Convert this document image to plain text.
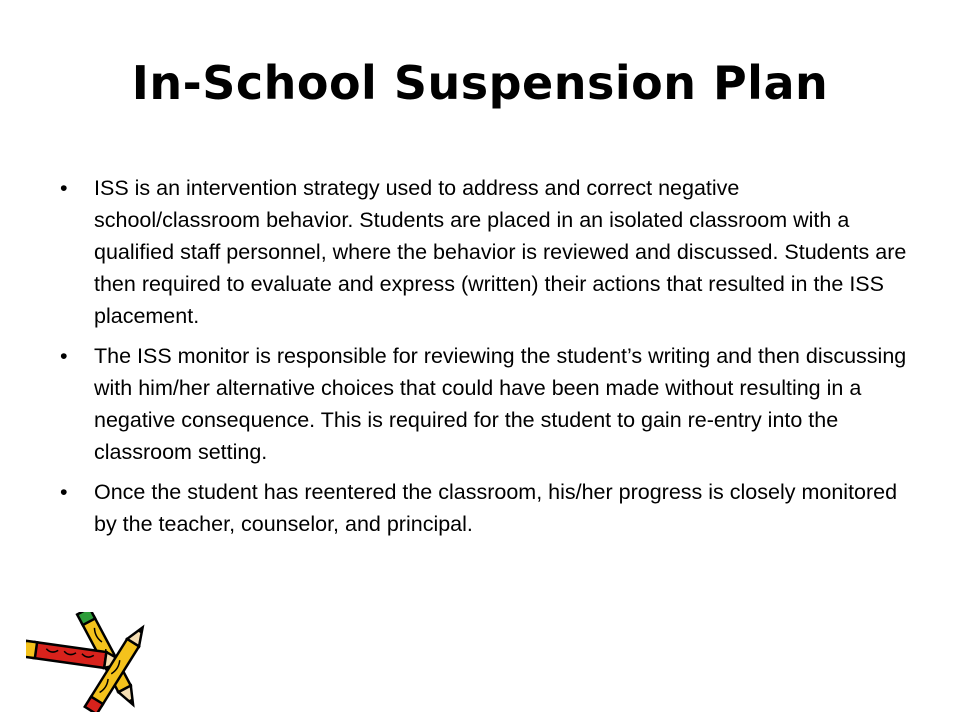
In-School Suspension Plan
• ISS is an intervention strategy used to address and correct negative school/classroom behavior. Students are placed in an isolated classroom with a qualified staff personnel, where the behavior is reviewed and discussed. Students are then required to evaluate and express (written) their actions that resulted in the ISS placement.
• The ISS monitor is responsible for reviewing the student’s writing and then discussing with him/her alternative choices that could have been made without resulting in a negative consequence. This is required for the student to gain re-entry into the classroom setting.
• Once the student has reentered the classroom, his/her progress is closely monitored by the teacher, counselor, and principal.
